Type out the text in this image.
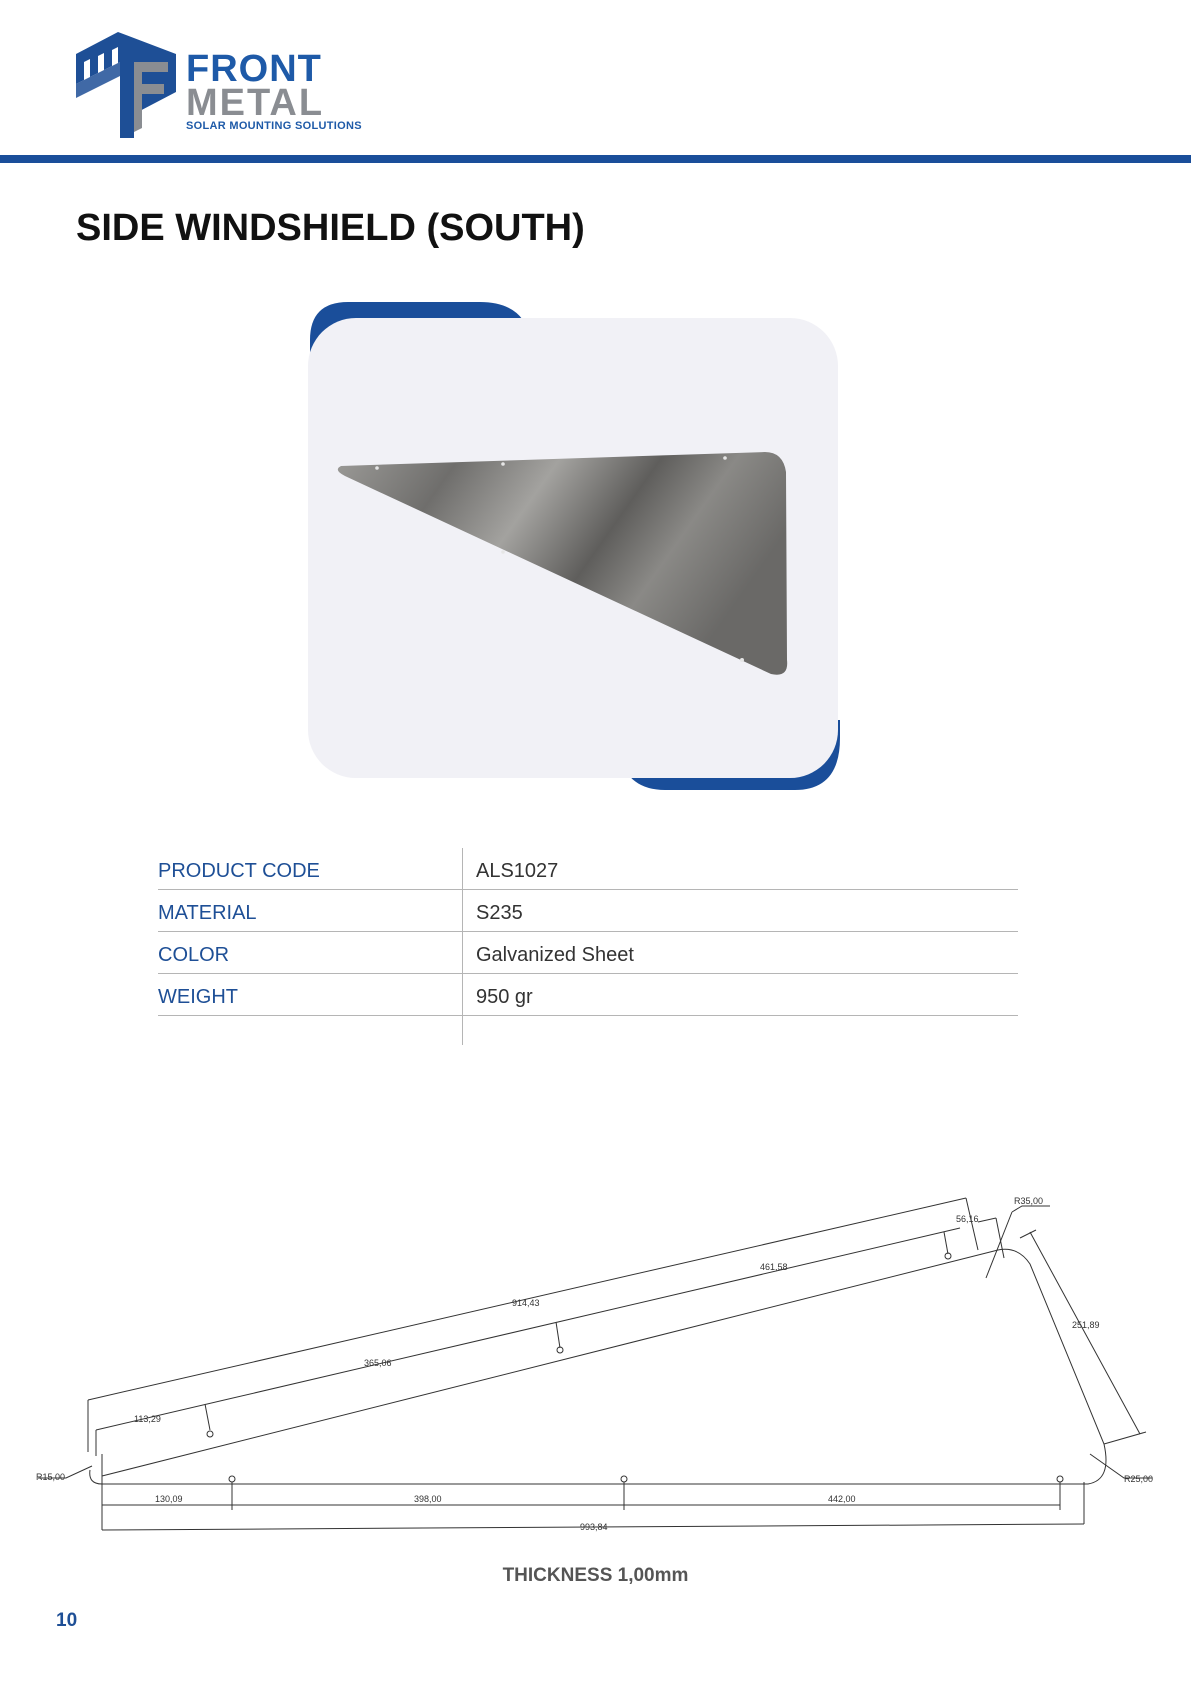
FRONT
METAL
SOLAR MOUNTING SOLUTIONS
SIDE WINDSHIELD (SOUTH)
PRODUCT CODE	ALS1027
MATERIAL	S235
COLOR	Galvanized Sheet
WEIGHT	950 gr
914,43
461,58
365,06
113,29
56,16
R35,00
251,89
R25,00
R15,00
130,09	398,00	442,00
993,84
THICKNESS 1,00mm
10
